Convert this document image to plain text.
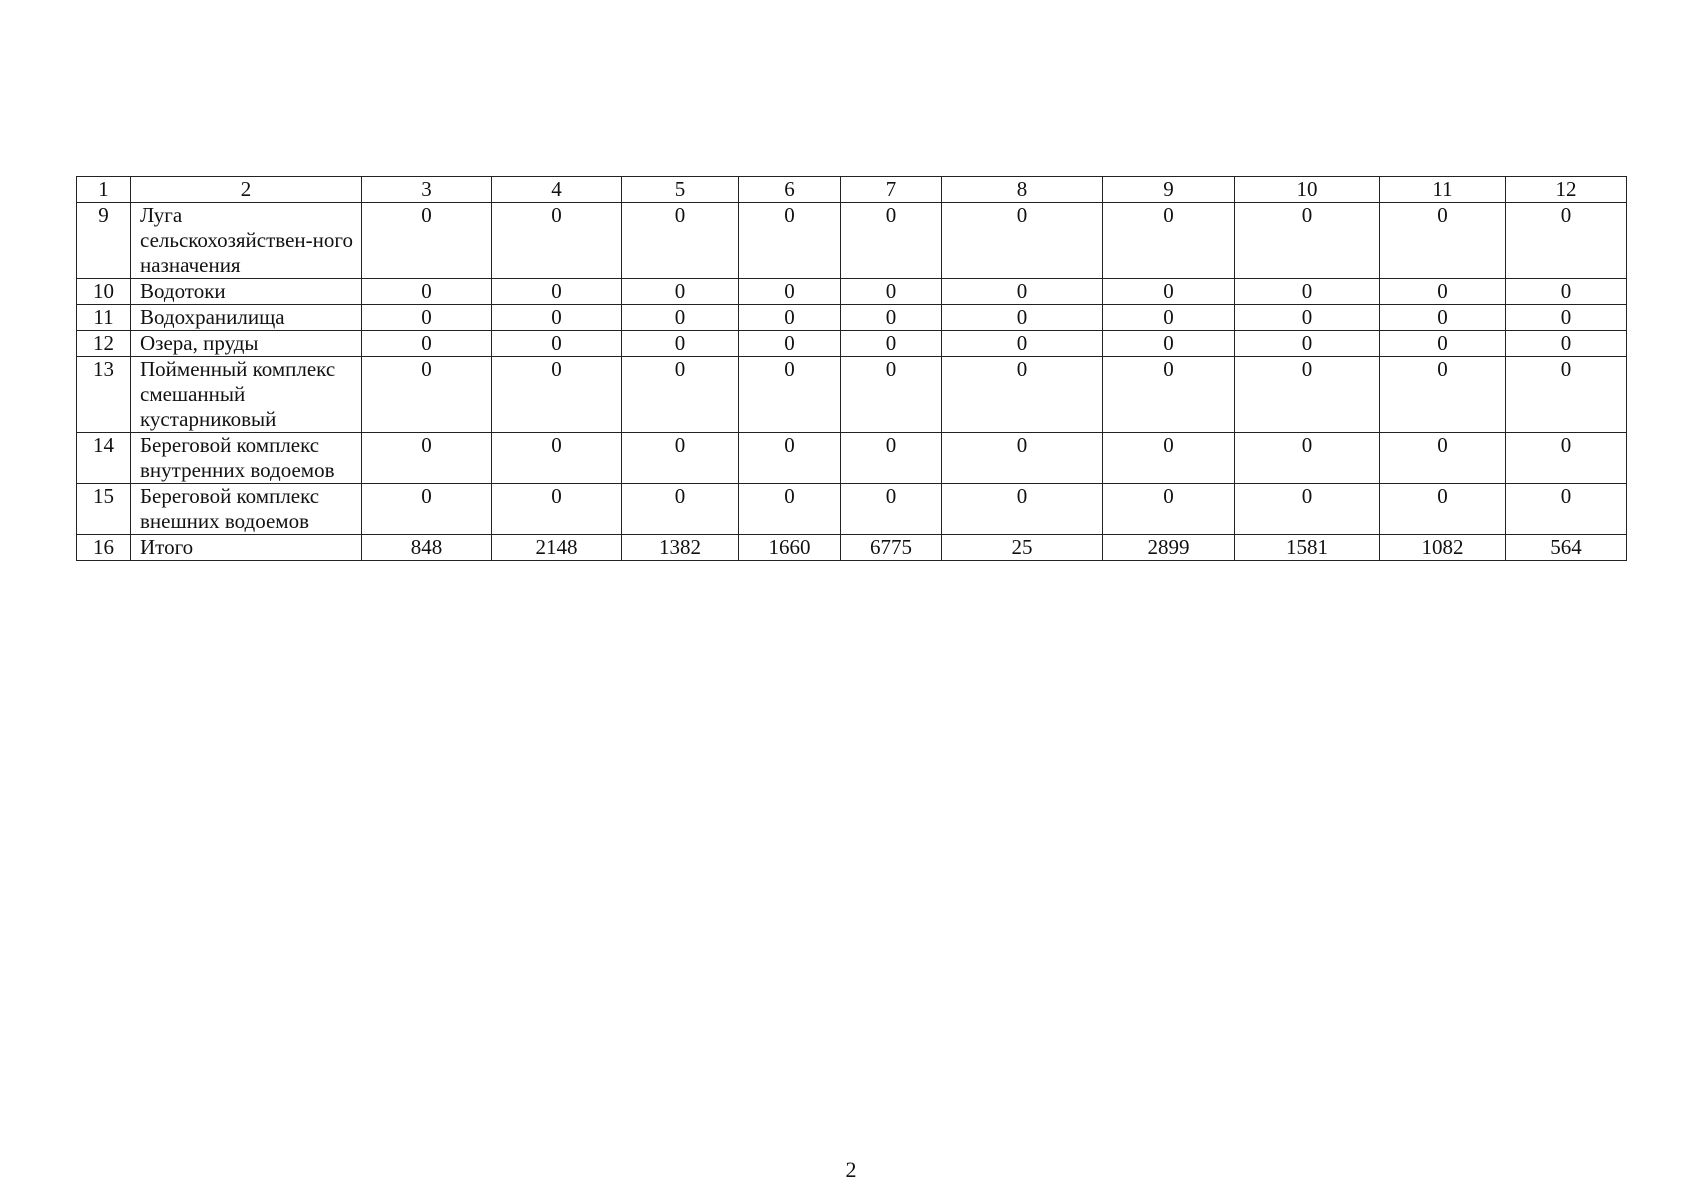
1	2	3	4	5	6	7	8	9	10	11	12
9	Луга сельскохозяйствен-ного назначения	0	0	0	0	0	0	0	0	0	0
10	Водотоки	0	0	0	0	0	0	0	0	0	0
11	Водохранилища	0	0	0	0	0	0	0	0	0	0
12	Озера, пруды	0	0	0	0	0	0	0	0	0	0
13	Пойменный комплекс смешанный кустарниковый	0	0	0	0	0	0	0	0	0	0
14	Береговой комплекс внутренних водоемов	0	0	0	0	0	0	0	0	0	0
15	Береговой комплекс внешних водоемов	0	0	0	0	0	0	0	0	0	0
16	Итого	848	2148	1382	1660	6775	25	2899	1581	1082	564
2
